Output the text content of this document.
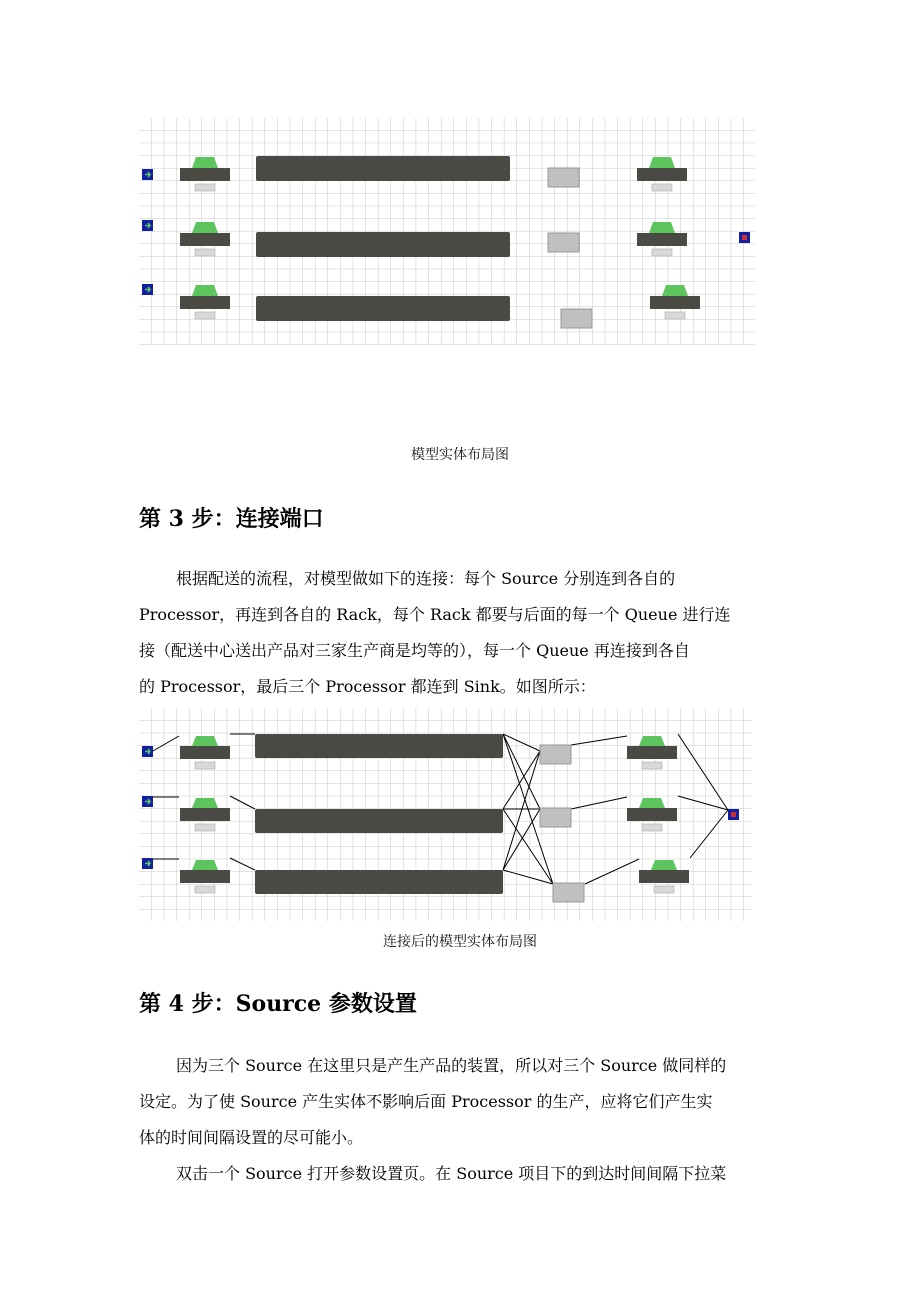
模型实体布局图
第 3 步：连接端口

根据配送的流程，对模型做如下的连接：每个 Source 分别连到各自的
Processor，再连到各自的 Rack，每个 Rack 都要与后面的每一个 Queue 进行连
接（配送中心送出产品对三家生产商是均等的），每一个 Queue 再连接到各自
的 Processor，最后三个 Processor 都连到 Sink。如图所示：

连接后的模型实体布局图
第 4 步：Source 参数设置

因为三个 Source 在这里只是产生产品的装置，所以对三个 Source 做同样的
设定。为了使 Source 产生实体不影响后面 Processor 的生产，应将它们产生实
体的时间间隔设置的尽可能小。
双击一个 Source 打开参数设置页。在 Source 项目下的到达时间间隔下拉菜
